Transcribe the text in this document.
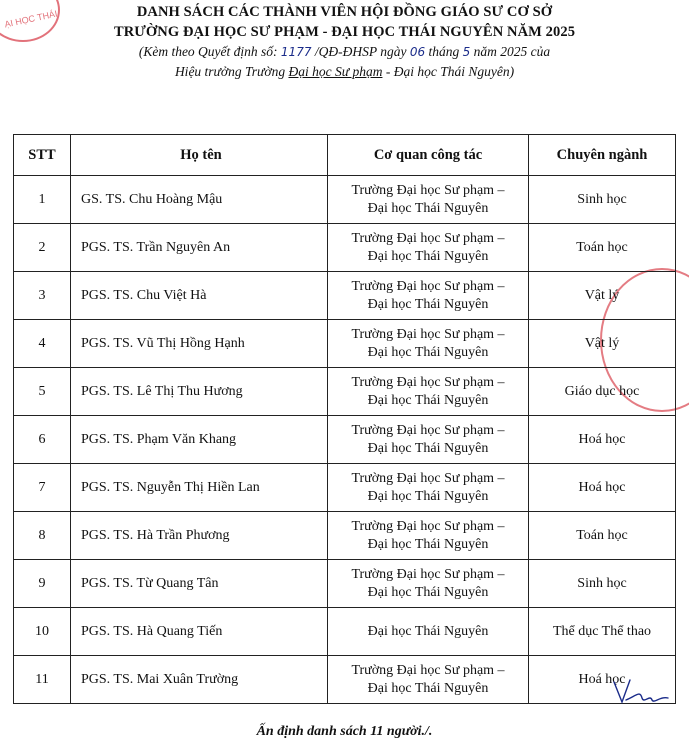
ẠI HỌC THÁI	DANH SÁCH CÁC THÀNH VIÊN HỘI ĐỒNG GIÁO SƯ CƠ SỞ
TRƯỜNG ĐẠI HỌC SƯ PHẠM - ĐẠI HỌC THÁI NGUYÊN NĂM 2025
(Kèm theo Quyết định số: 1177 /QĐ-ĐHSP ngày 06 tháng 5 năm 2025 của
Hiệu trưởng Trường Đại học Sư phạm - Đại học Thái Nguyên)
STT	Họ tên	Cơ quan công tác	Chuyên ngành
1	GS. TS. Chu Hoàng Mậu	Trường Đại học Sư phạm –
Đại học Thái Nguyên	Sinh học
2	PGS. TS. Trần Nguyên An	Trường Đại học Sư phạm –
Đại học Thái Nguyên	Toán học
3	PGS. TS. Chu Việt Hà	Trường Đại học Sư phạm –
Đại học Thái Nguyên	Vật lý
4	PGS. TS. Vũ Thị Hồng Hạnh	Trường Đại học Sư phạm –
Đại học Thái Nguyên	Vật lý
5	PGS. TS. Lê Thị Thu Hương	Trường Đại học Sư phạm –
Đại học Thái Nguyên	Giáo dục học
6	PGS. TS. Phạm Văn Khang	Trường Đại học Sư phạm –
Đại học Thái Nguyên	Hoá học
7	PGS. TS. Nguyễn Thị Hiền Lan	Trường Đại học Sư phạm –
Đại học Thái Nguyên	Hoá học
8	PGS. TS. Hà Trần Phương	Trường Đại học Sư phạm –
Đại học Thái Nguyên	Toán học
9	PGS. TS. Từ Quang Tân	Trường Đại học Sư phạm –
Đại học Thái Nguyên	Sinh học
10	PGS. TS. Hà Quang Tiến	Đại học Thái Nguyên	Thể dục Thể thao
11	PGS. TS. Mai Xuân Trường	Trường Đại học Sư phạm –
Đại học Thái Nguyên	Hoá học
Ấn định danh sách 11 người./.
